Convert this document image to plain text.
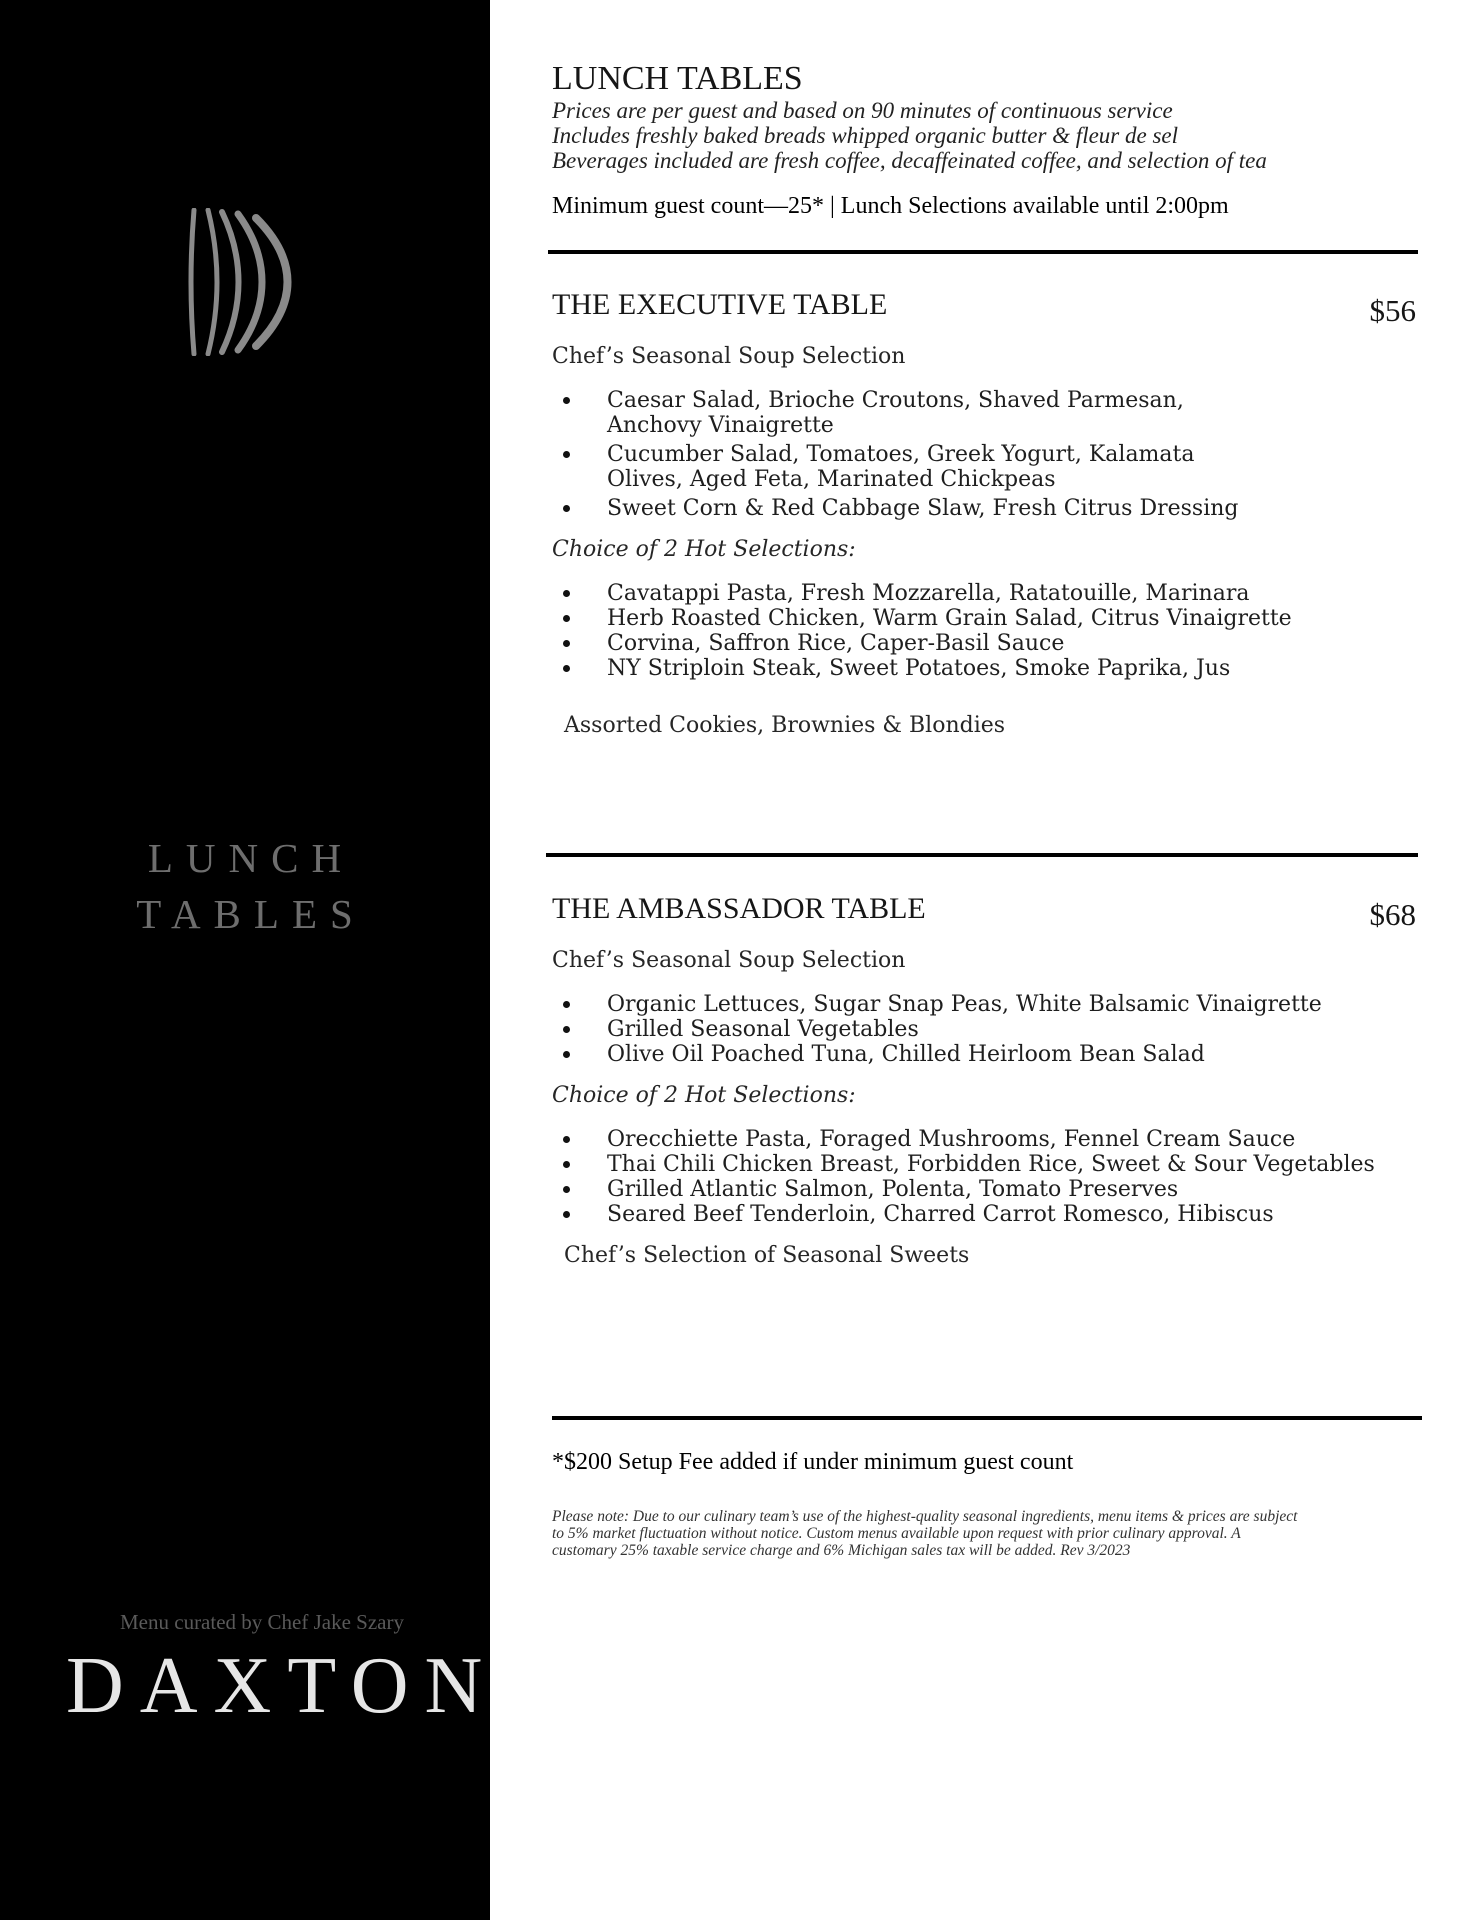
LUNCH
TABLES
Menu curated by Chef Jake Szary
DAXTON
LUNCH TABLES
Prices are per guest and based on 90 minutes of continuous service
Includes freshly baked breads whipped organic butter & fleur de sel
Beverages included are fresh coffee, decaffeinated coffee, and selection of tea
Minimum guest count—25* | Lunch Selections available until 2:00pm
THE EXECUTIVE TABLE	$56
Chef’s Seasonal Soup Selection
Caesar Salad, Brioche Croutons, Shaved Parmesan, Anchovy Vinaigrette
Cucumber Salad, Tomatoes, Greek Yogurt, Kalamata Olives, Aged Feta, Marinated Chickpeas
Sweet Corn & Red Cabbage Slaw, Fresh Citrus Dressing
Choice of 2 Hot Selections:
Cavatappi Pasta, Fresh Mozzarella, Ratatouille, Marinara
Herb Roasted Chicken, Warm Grain Salad, Citrus Vinaigrette
Corvina, Saffron Rice, Caper-Basil Sauce
NY Striploin Steak, Sweet Potatoes, Smoke Paprika, Jus
Assorted Cookies, Brownies & Blondies
THE AMBASSADOR TABLE	$68
Chef’s Seasonal Soup Selection
Organic Lettuces, Sugar Snap Peas, White Balsamic Vinaigrette
Grilled Seasonal Vegetables
Olive Oil Poached Tuna, Chilled Heirloom Bean Salad
Choice of 2 Hot Selections:
Orecchiette Pasta, Foraged Mushrooms, Fennel Cream Sauce
Thai Chili Chicken Breast, Forbidden Rice, Sweet & Sour Vegetables
Grilled Atlantic Salmon, Polenta, Tomato Preserves
Seared Beef Tenderloin, Charred Carrot Romesco, Hibiscus
Chef’s Selection of Seasonal Sweets
*$200 Setup Fee added if under minimum guest count
Please note: Due to our culinary team’s use of the highest-quality seasonal ingredients, menu items & prices are subject
to 5% market fluctuation without notice. Custom menus available upon request with prior culinary approval. A
customary 25% taxable service charge and 6% Michigan sales tax will be added. Rev 3/2023
